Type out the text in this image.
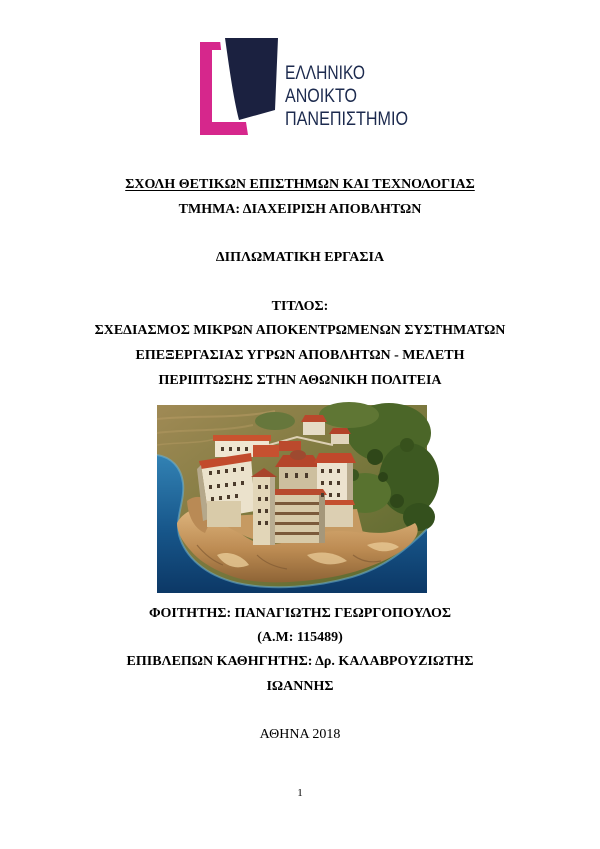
ΕΛΛΗΝΙΚΟ
ΑΝΟΙΚΤΟ
ΠΑΝΕΠΙΣΤΗΜΙΟ
ΣΧΟΛΗ ΘΕΤΙΚΩΝ ΕΠΙΣΤΗΜΩΝ ΚΑΙ ΤΕΧΝΟΛΟΓΙΑΣ
ΤΜΗΜΑ: ΔΙΑΧΕΙΡΙΣΗ ΑΠΟΒΛΗΤΩΝ
ΔΙΠΛΩΜΑΤΙΚΗ ΕΡΓΑΣΙΑ
ΤΙΤΛΟΣ:
ΣΧΕΔΙΑΣΜΟΣ ΜΙΚΡΩΝ ΑΠΟΚΕΝΤΡΩΜΕΝΩΝ ΣΥΣΤΗΜΑΤΩΝ
ΕΠΕΞΕΡΓΑΣΙΑΣ ΥΓΡΩΝ ΑΠΟΒΛΗΤΩΝ - ΜΕΛΕΤΗ
ΠΕΡΙΠΤΩΣΗΣ ΣΤΗΝ ΑΘΩΝΙΚΗ ΠΟΛΙΤΕΙΑ
ΦΟΙΤΗΤΗΣ: ΠΑΝΑΓΙΩΤΗΣ ΓΕΩΡΓΟΠΟΥΛΟΣ
(Α.Μ: 115489)
ΕΠΙΒΛΕΠΩΝ ΚΑΘΗΓΗΤΗΣ: Δρ. ΚΑΛΑΒΡΟΥΖΙΩΤΗΣ
ΙΩΑΝΝΗΣ
ΑΘΗΝΑ 2018
1
